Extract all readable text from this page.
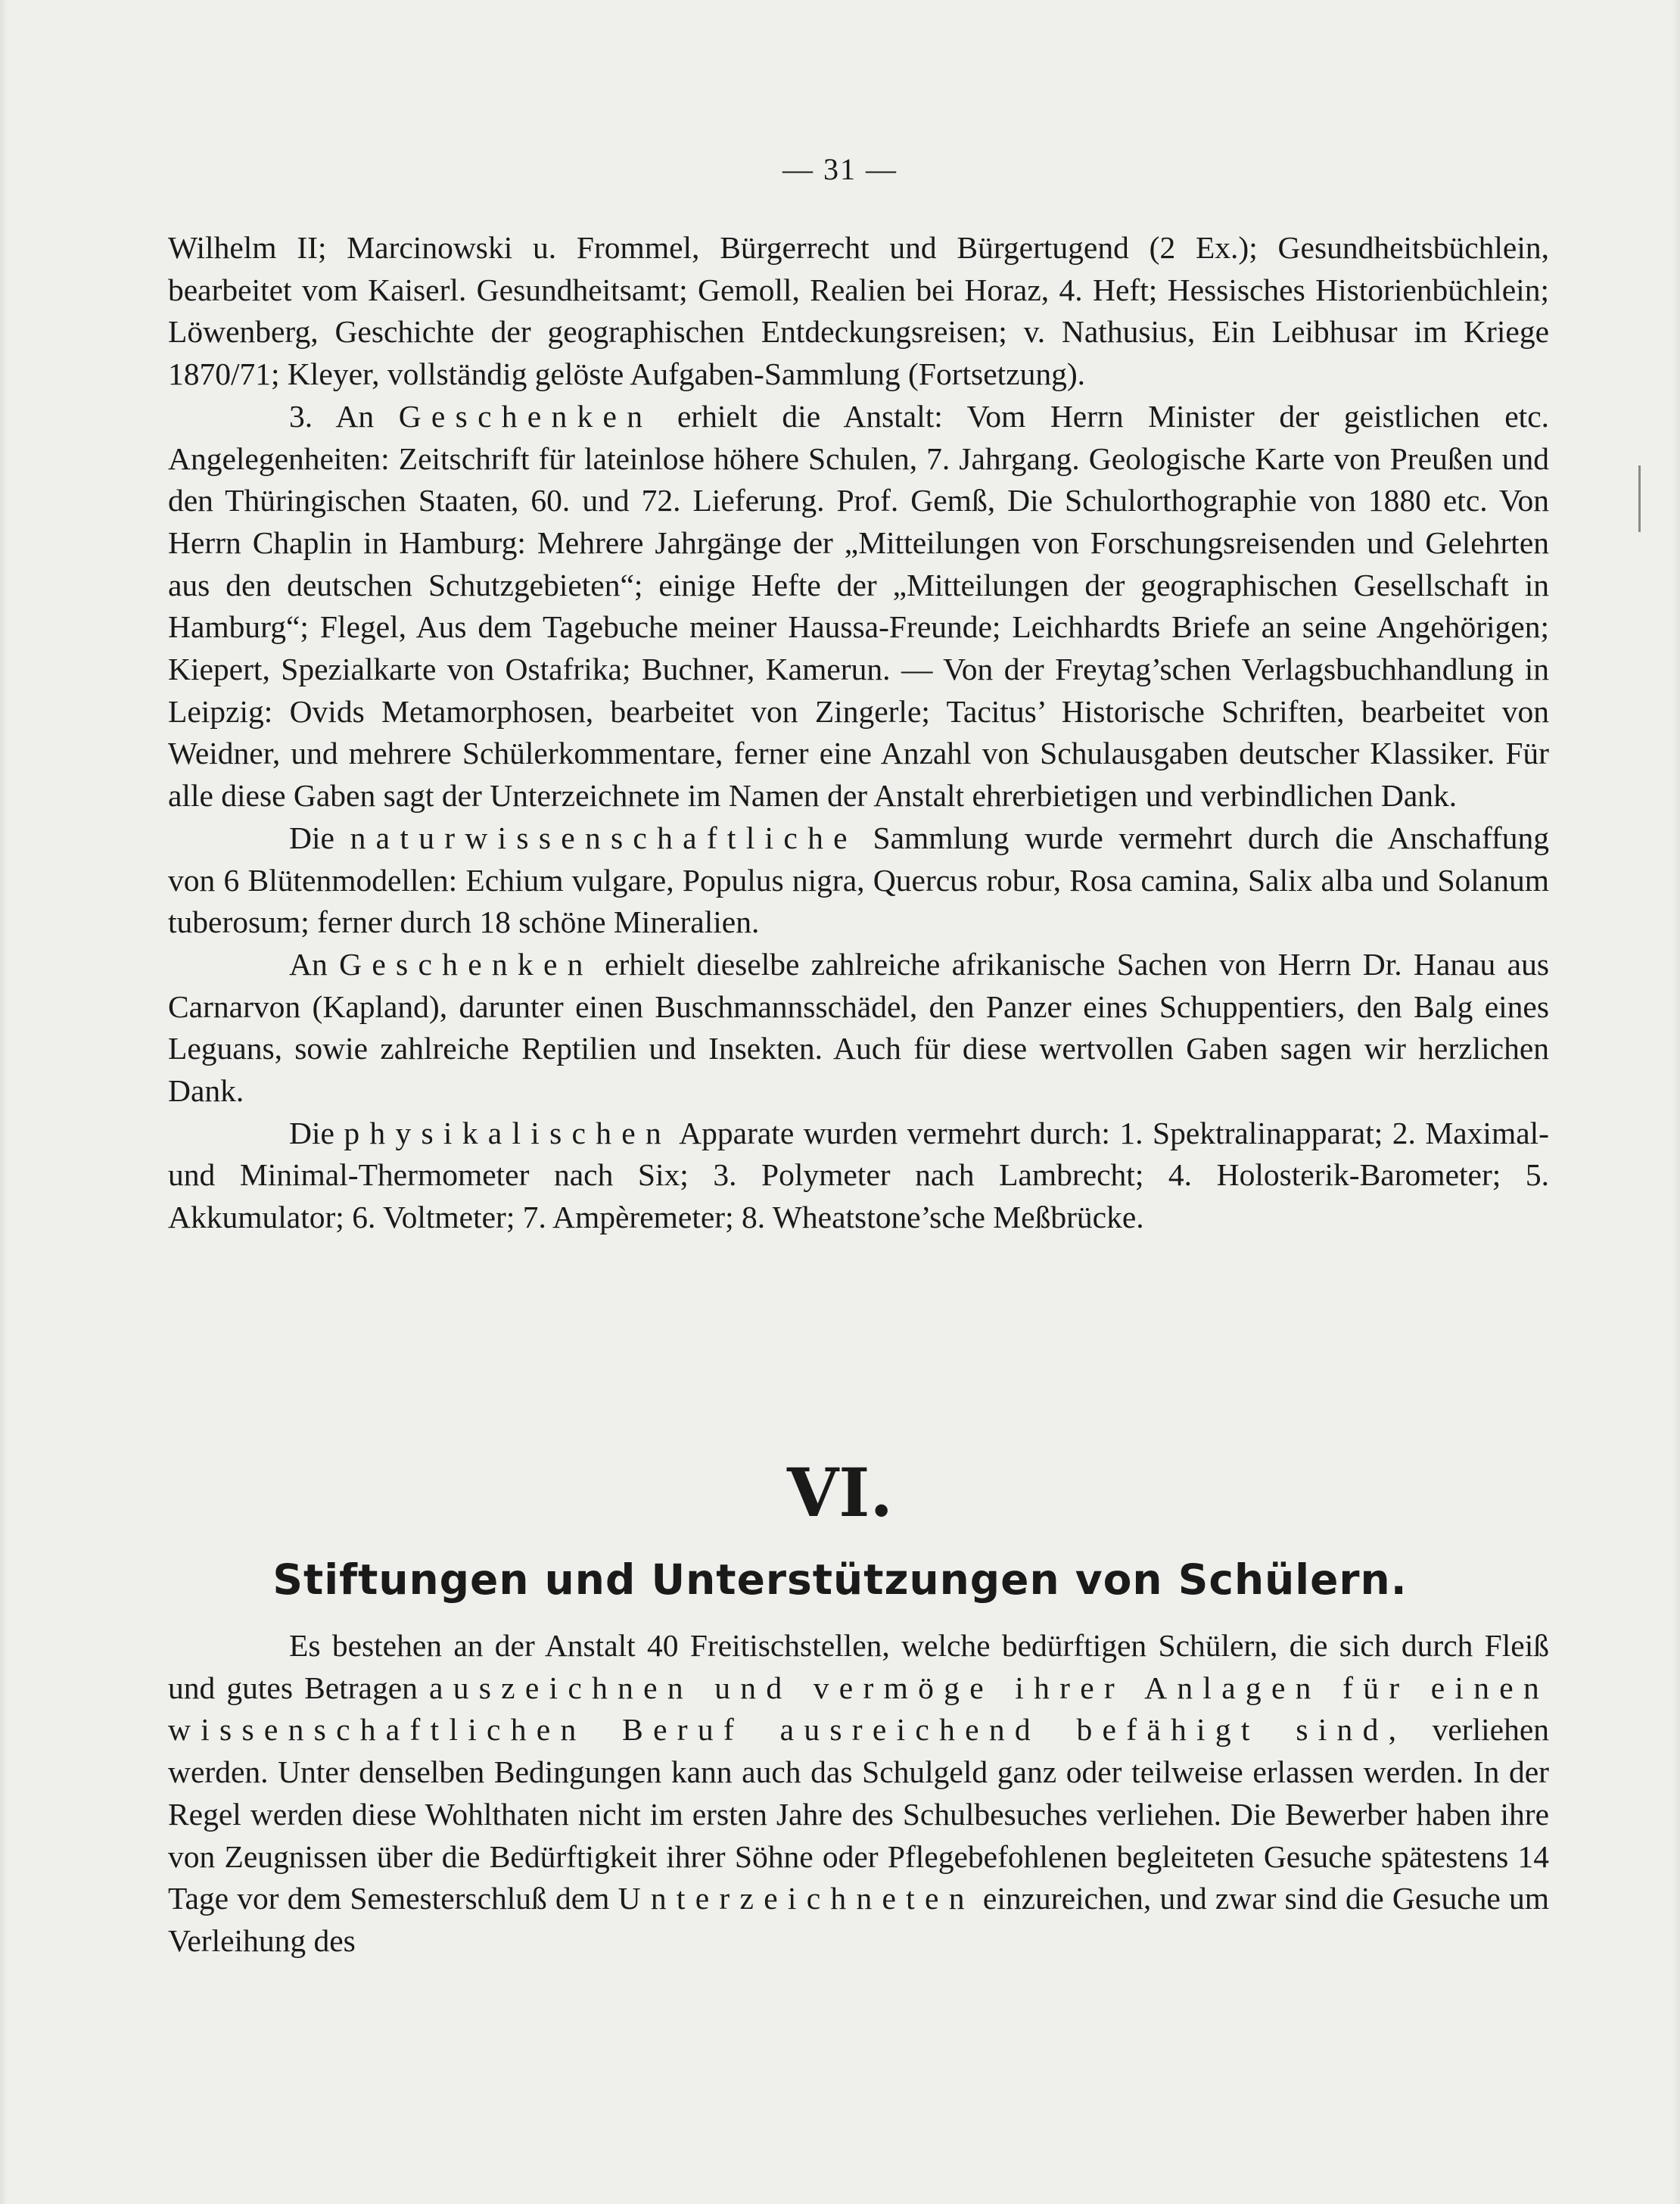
— 31 —

Wilhelm II; Marcinowski u. Frommel, Bürgerrecht und Bürgertugend (2 Ex.); Gesundheitsbüchlein, bearbeitet vom Kaiserl. Gesundheitsamt; Gemoll, Realien bei Horaz, 4. Heft; Hessisches Historienbüchlein; Löwenberg, Geschichte der geographischen Entdeckungsreisen; v. Nathusius, Ein Leibhusar im Kriege 1870/71; Kleyer, vollständig gelöste Aufgaben-Sammlung (Fortsetzung).

3. An Geschenken erhielt die Anstalt: Vom Herrn Minister der geistlichen etc. Angelegenheiten: Zeitschrift für lateinlose höhere Schulen, 7. Jahrgang. Geologische Karte von Preußen und den Thüringischen Staaten, 60. und 72. Lieferung. Prof. Gemß, Die Schulorthographie von 1880 etc. Von Herrn Chaplin in Hamburg: Mehrere Jahrgänge der „Mitteilungen von Forschungsreisenden und Gelehrten aus den deutschen Schutzgebieten“; einige Hefte der „Mitteilungen der geographischen Gesellschaft in Hamburg“; Flegel, Aus dem Tagebuche meiner Haussa-Freunde; Leichhardts Briefe an seine Angehörigen; Kiepert, Spezialkarte von Ostafrika; Buchner, Kamerun. — Von der Freytag’schen Verlagsbuchhandlung in Leipzig: Ovids Metamorphosen, bearbeitet von Zingerle; Tacitus’ Historische Schriften, bearbeitet von Weidner, und mehrere Schülerkommentare, ferner eine Anzahl von Schulausgaben deutscher Klassiker. Für alle diese Gaben sagt der Unterzeichnete im Namen der Anstalt ehrerbietigen und verbindlichen Dank.

Die naturwissenschaftliche Sammlung wurde vermehrt durch die Anschaffung von 6 Blütenmodellen: Echium vulgare, Populus nigra, Quercus robur, Rosa camina, Salix alba und Solanum tuberosum; ferner durch 18 schöne Mineralien.

An Geschenken erhielt dieselbe zahlreiche afrikanische Sachen von Herrn Dr. Hanau aus Carnarvon (Kapland), darunter einen Buschmannsschädel, den Panzer eines Schuppentiers, den Balg eines Leguans, sowie zahlreiche Reptilien und Insekten. Auch für diese wertvollen Gaben sagen wir herzlichen Dank.

Die physikalischen Apparate wurden vermehrt durch: 1. Spektralinapparat; 2. Maximal- und Minimal-Thermometer nach Six; 3. Polymeter nach Lambrecht; 4. Holosterik-Barometer; 5. Akkumulator; 6. Voltmeter; 7. Ampèremeter; 8. Wheatstone’sche Meßbrücke.

VI.
Stiftungen und Unterstützungen von Schülern.

Es bestehen an der Anstalt 40 Freitischstellen, welche bedürftigen Schülern, die sich durch Fleiß und gutes Betragen auszeichnen und vermöge ihrer Anlagen für einen wissenschaftlichen Beruf ausreichend befähigt sind, verliehen werden. Unter denselben Bedingungen kann auch das Schulgeld ganz oder teilweise erlassen werden. In der Regel werden diese Wohlthaten nicht im ersten Jahre des Schulbesuches verliehen. Die Bewerber haben ihre von Zeugnissen über die Bedürftigkeit ihrer Söhne oder Pflegebefohlenen begleiteten Gesuche spätestens 14 Tage vor dem Semesterschluß dem Unterzeichneten einzureichen, und zwar sind die Gesuche um Verleihung des
